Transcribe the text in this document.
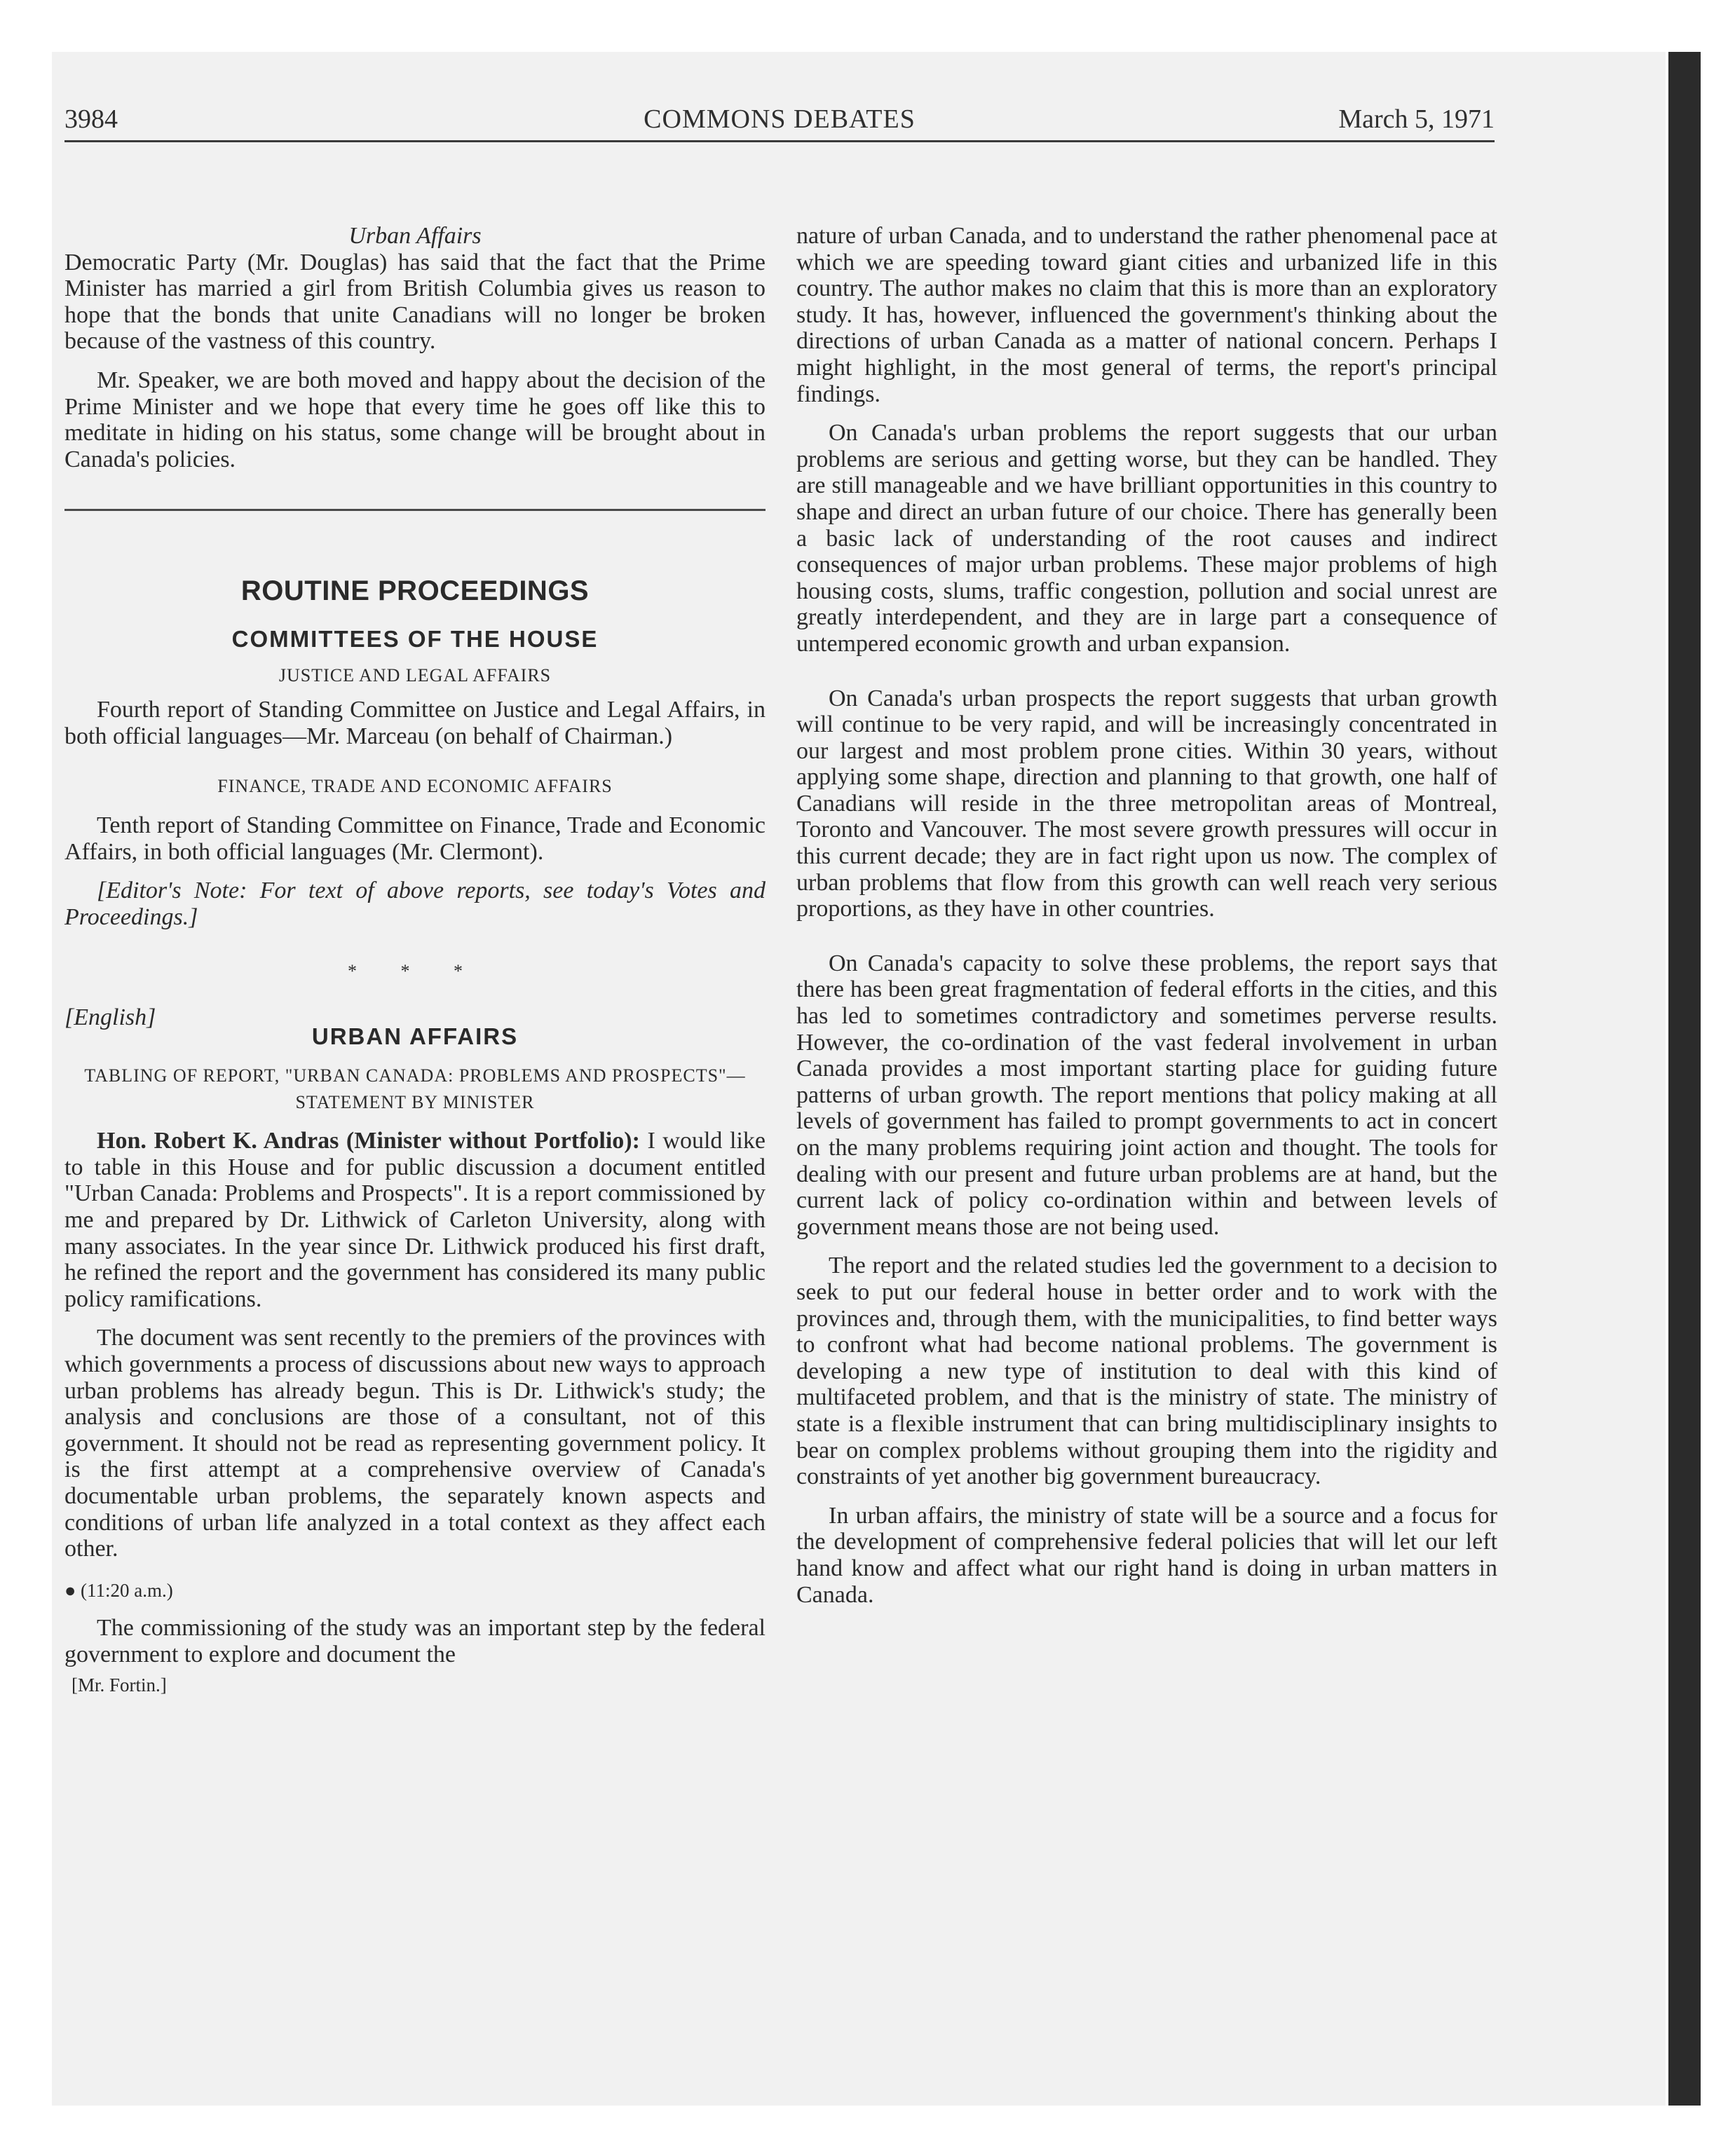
COMMONS DEBATES
3984	March 5, 1971

Urban Affairs

Democratic Party (Mr. Douglas) has said that the fact that the Prime Minister has married a girl from British Columbia gives us reason to hope that the bonds that unite Canadians will no longer be broken because of the vastness of this country.

Mr. Speaker, we are both moved and happy about the decision of the Prime Minister and we hope that every time he goes off like this to meditate in hiding on his status, some change will be brought about in Canada's policies.

ROUTINE PROCEEDINGS

COMMITTEES OF THE HOUSE

JUSTICE AND LEGAL AFFAIRS

Fourth report of Standing Committee on Justice and Legal Affairs, in both official languages—Mr. Marceau (on behalf of Chairman.)

FINANCE, TRADE AND ECONOMIC AFFAIRS

Tenth report of Standing Committee on Finance, Trade and Economic Affairs, in both official languages (Mr. Clermont).

[Editor's Note: For text of above reports, see today's Votes and Proceedings.]

* * *

[English]

URBAN AFFAIRS

TABLING OF REPORT, "URBAN CANADA: PROBLEMS AND PROSPECTS"—STATEMENT BY MINISTER

Hon. Robert K. Andras (Minister without Portfolio): I would like to table in this House and for public discussion a document entitled "Urban Canada: Problems and Prospects". It is a report commissioned by me and prepared by Dr. Lithwick of Carleton University, along with many associates. In the year since Dr. Lithwick produced his first draft, he refined the report and the government has considered its many public policy ramifications.

The document was sent recently to the premiers of the provinces with which governments a process of discussions about new ways to approach urban problems has already begun. This is Dr. Lithwick's study; the analysis and conclusions are those of a consultant, not of this government. It should not be read as representing government policy. It is the first attempt at a comprehensive overview of Canada's documentable urban problems, the separately known aspects and conditions of urban life analyzed in a total context as they affect each other.

● (11:20 a.m.)

The commissioning of the study was an important step by the federal government to explore and document the

[Mr. Fortin.]

nature of urban Canada, and to understand the rather phenomenal pace at which we are speeding toward giant cities and urbanized life in this country. The author makes no claim that this is more than an exploratory study. It has, however, influenced the government's thinking about the directions of urban Canada as a matter of national concern. Perhaps I might highlight, in the most general of terms, the report's principal findings.

On Canada's urban problems the report suggests that our urban problems are serious and getting worse, but they can be handled. They are still manageable and we have brilliant opportunities in this country to shape and direct an urban future of our choice. There has generally been a basic lack of understanding of the root causes and indirect consequences of major urban problems. These major problems of high housing costs, slums, traffic congestion, pollution and social unrest are greatly interdependent, and they are in large part a consequence of untempered economic growth and urban expansion.

On Canada's urban prospects the report suggests that urban growth will continue to be very rapid, and will be increasingly concentrated in our largest and most problem prone cities. Within 30 years, without applying some shape, direction and planning to that growth, one half of Canadians will reside in the three metropolitan areas of Montreal, Toronto and Vancouver. The most severe growth pressures will occur in this current decade; they are in fact right upon us now. The complex of urban problems that flow from this growth can well reach very serious proportions, as they have in other countries.

On Canada's capacity to solve these problems, the report says that there has been great fragmentation of federal efforts in the cities, and this has led to sometimes contradictory and sometimes perverse results. However, the co-ordination of the vast federal involvement in urban Canada provides a most important starting place for guiding future patterns of urban growth. The report mentions that policy making at all levels of government has failed to prompt governments to act in concert on the many problems requiring joint action and thought. The tools for dealing with our present and future urban problems are at hand, but the current lack of policy co-ordination within and between levels of government means those are not being used.

The report and the related studies led the government to a decision to seek to put our federal house in better order and to work with the provinces and, through them, with the municipalities, to find better ways to confront what had become national problems. The government is developing a new type of institution to deal with this kind of multifaceted problem, and that is the ministry of state. The ministry of state is a flexible instrument that can bring multidisciplinary insights to bear on complex problems without grouping them into the rigidity and constraints of yet another big government bureaucracy.

In urban affairs, the ministry of state will be a source and a focus for the development of comprehensive federal policies that will let our left hand know and affect what our right hand is doing in urban matters in Canada.
